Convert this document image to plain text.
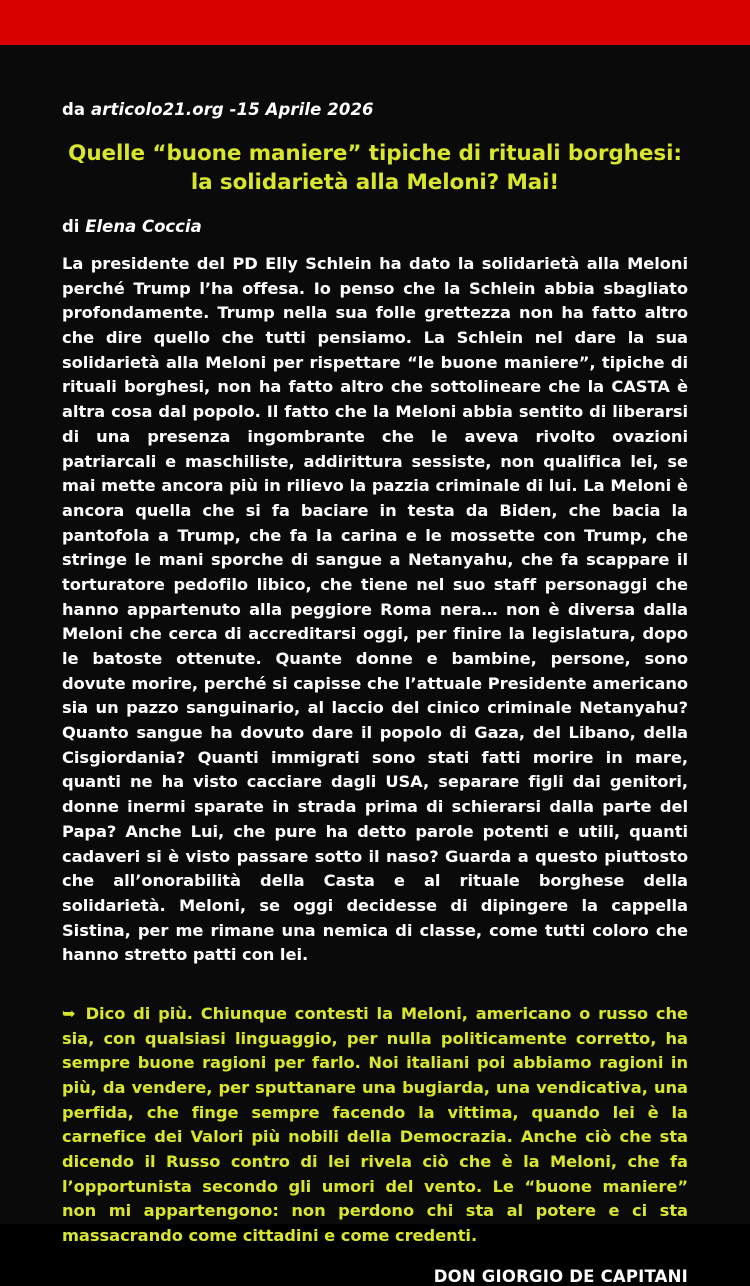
da articolo21.org -15 Aprile 2026
Quelle “buone maniere” tipiche di rituali borghesi:
la solidarietà alla Meloni? Mai!
di Elena Coccia
La presidente del PD Elly Schlein ha dato la solidarietà alla Meloni perché Trump l’ha offesa. Io penso che la Schlein abbia sbagliato profondamente. Trump nella sua folle grettezza non ha fatto altro che dire quello che tutti pensiamo. La Schlein nel dare la sua solidarietà alla Meloni per rispettare “le buone maniere”, tipiche di rituali borghesi, non ha fatto altro che sottolineare che la CASTA è altra cosa dal popolo. Il fatto che la Meloni abbia sentito di liberarsi di una presenza ingombrante che le aveva rivolto ovazioni patriarcali e maschiliste, addirittura sessiste, non qualifica lei, se mai mette ancora più in rilievo la pazzia criminale di lui. La Meloni è ancora quella che si fa baciare in testa da Biden, che bacia la pantofola a Trump, che fa la carina e le mossette con Trump, che stringe le mani sporche di sangue a Netanyahu, che fa scappare il torturatore pedofilo libico, che tiene nel suo staff personaggi che hanno appartenuto alla peggiore Roma nera… non è diversa dalla Meloni che cerca di accreditarsi oggi, per finire la legislatura, dopo le batoste ottenute. Quante donne e bambine, persone, sono dovute morire, perché si capisse che l’attuale Presidente americano sia un pazzo sanguinario, al laccio del cinico criminale Netanyahu? Quanto sangue ha dovuto dare il popolo di Gaza, del Libano, della Cisgiordania? Quanti immigrati sono stati fatti morire in mare, quanti ne ha visto cacciare dagli USA, separare figli dai genitori, donne inermi sparate in strada prima di schierarsi dalla parte del Papa? Anche Lui, che pure ha detto parole potenti e utili, quanti cadaveri si è visto passare sotto il naso? Guarda a questo piuttosto che all’onorabilità della Casta e al rituale borghese della solidarietà. Meloni, se oggi decidesse di dipingere la cappella Sistina, per me rimane una nemica di classe, come tutti coloro che hanno stretto patti con lei.
➥ Dico di più. Chiunque contesti la Meloni, americano o russo che sia, con qualsiasi linguaggio, per nulla politicamente corretto, ha sempre buone ragioni per farlo. Noi italiani poi abbiamo ragioni in più, da vendere, per sputtanare una bugiarda, una vendicativa, una perfida, che finge sempre facendo la vittima, quando lei è la carnefice dei Valori più nobili della Democrazia. Anche ciò che sta dicendo il Russo contro di lei rivela ciò che è la Meloni, che fa l’opportunista secondo gli umori del vento. Le “buone maniere” non mi appartengono: non perdono chi sta al potere e ci sta massacrando come cittadini e come credenti.
DON GIORGIO DE CAPITANI
